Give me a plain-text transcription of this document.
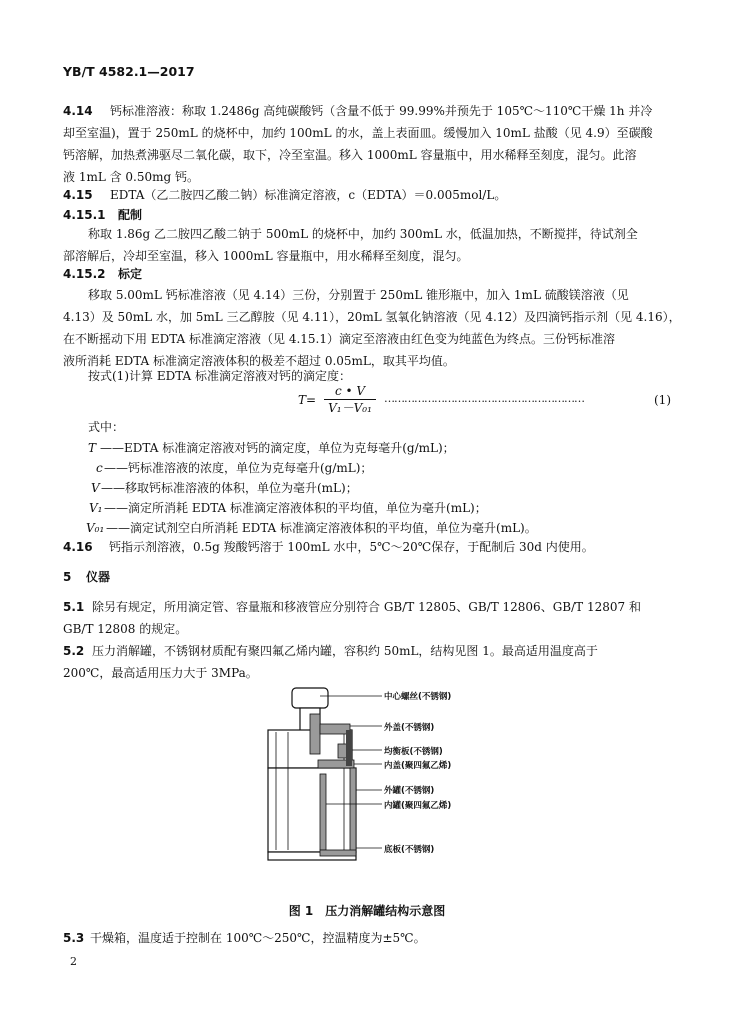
YB/T 4582.1—2017
4.14 钙标准溶液：称取 1.2486g 高纯碳酸钙（含量不低于 99.99%并预先于 105℃～110℃干燥 1h 并冷
却至室温)，置于 250mL 的烧杯中，加约 100mL 的水，盖上表面皿。缓慢加入 10mL 盐酸（见 4.9）至碳酸
钙溶解，加热煮沸驱尽二氧化碳，取下，冷至室温。移入 1000mL 容量瓶中，用水稀释至刻度，混匀。此溶
液 1mL 含 0.50mg 钙。
4.15 EDTA（乙二胺四乙酸二钠）标准滴定溶液，c（EDTA）＝0.005mol/L。
4.15.1 配制
称取 1.86g 乙二胺四乙酸二钠于 500mL 的烧杯中，加约 300mL 水，低温加热，不断搅拌，待试剂全
部溶解后，冷却至室温，移入 1000mL 容量瓶中，用水稀释至刻度，混匀。
4.15.2 标定
移取 5.00mL 钙标准溶液（见 4.14）三份，分别置于 250mL 锥形瓶中，加入 1mL 硫酸镁溶液（见
4.13）及 50mL 水，加 5mL 三乙醇胺（见 4.11），20mL 氢氧化钠溶液（见 4.12）及四滴钙指示剂（见 4.16），
在不断摇动下用 EDTA 标准滴定溶液（见 4.15.1）滴定至溶液由红色变为纯蓝色为终点。三份钙标准溶
液所消耗 EDTA 标准滴定溶液体积的极差不超过 0.05mL，取其平均值。
按式(1)计算 EDTA 标准滴定溶液对钙的滴定度：
$T= \frac{c • V}{\text{V₁－V₀₁}}$ ……………………………………………………	(1)
式中：
T ——EDTA 标准滴定溶液对钙的滴定度，单位为克每毫升(g/mL)；
c——钙标准溶液的浓度，单位为克每毫升(g/mL)；
V——移取钙标准溶液的体积，单位为毫升(mL)；
V₁ ——滴定所消耗 EDTA 标准滴定溶液体积的平均值，单位为毫升(mL)；
V₀₁ ——滴定试剂空白所消耗 EDTA 标准滴定溶液体积的平均值，单位为毫升(mL)。
4.16 钙指示剂溶液，0.5g 羧酸钙溶于 100mL 水中，5℃～20℃保存，于配制后 30d 内使用。
5 仪器
5.1 除另有规定，所用滴定管、容量瓶和移液管应分别符合 GB/T 12805、GB/T 12806、GB/T 12807 和
GB/T 12808 的规定。
5.2 压力消解罐，不锈钢材质配有聚四氟乙烯内罐，容积约 50mL，结构见图 1。最高适用温度高于
200℃，最高适用压力大于 3MPa。
中心螺丝(不锈钢)
外盖(不锈钢)
均衡板(不锈钢)
内盖(聚四氟乙烯)
外罐(不锈钢)
内罐(聚四氟乙烯)
底板(不锈钢)
图 1　压力消解罐结构示意图
5.3 干燥箱，温度适于控制在 100℃～250℃，控温精度为±5℃。
2
